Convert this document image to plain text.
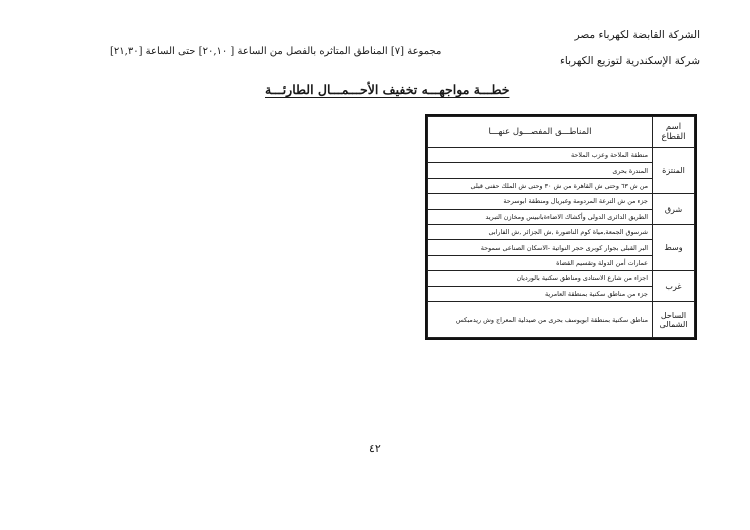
الشركة القابضة لكهرباء مصر
شركة الإسكندرية لتوزيع الكهرباء
مجموعة [٧] المناطق المتاثره بالفصل من الساعة [ ٢٠,١٠] حتى الساعة [٢١,٣٠]
خطـــة مواجهـــه تخفيف الأحـــمـــال الطارئـــة
اسم القطاع	المناطـــق المفصـــول عنهـــا
المنتزة	منطقة الملاحة وعزب الملاحة
	المندرة بحرى
	من ش ٦٣ وحتى ش القاهرة من ش ٣٠ وحتى ش الملك حفنى قبلى
شرق	جزء من ش الترعة المردومة وغبريال ومنطقة ابوسرحة
	الطريق الدائرى الدولى وأكشاك الاضاءةبانبيس ومخازن التبريد
وسط	شرسوق الجمعة,مياة كوم الناضورة ,ش الجزائر ,ش الفارابى
	البر القبلى بجوار كوبرى حجر النواتية -الاسكان الصناعى سموحة
	عمارات أمن الدولة وتقسيم القضاة
غرب	اجزاء من شارع الاستادى ومناطق سكنية بالورديان
	جزء من مناطق سكنية بمنطقة العامرية
الساحل الشمالى	مناطق سكنية بمنطقة ابويوسف بحرى من صيدلية المعراج وش ريدمبكس
٤٢
